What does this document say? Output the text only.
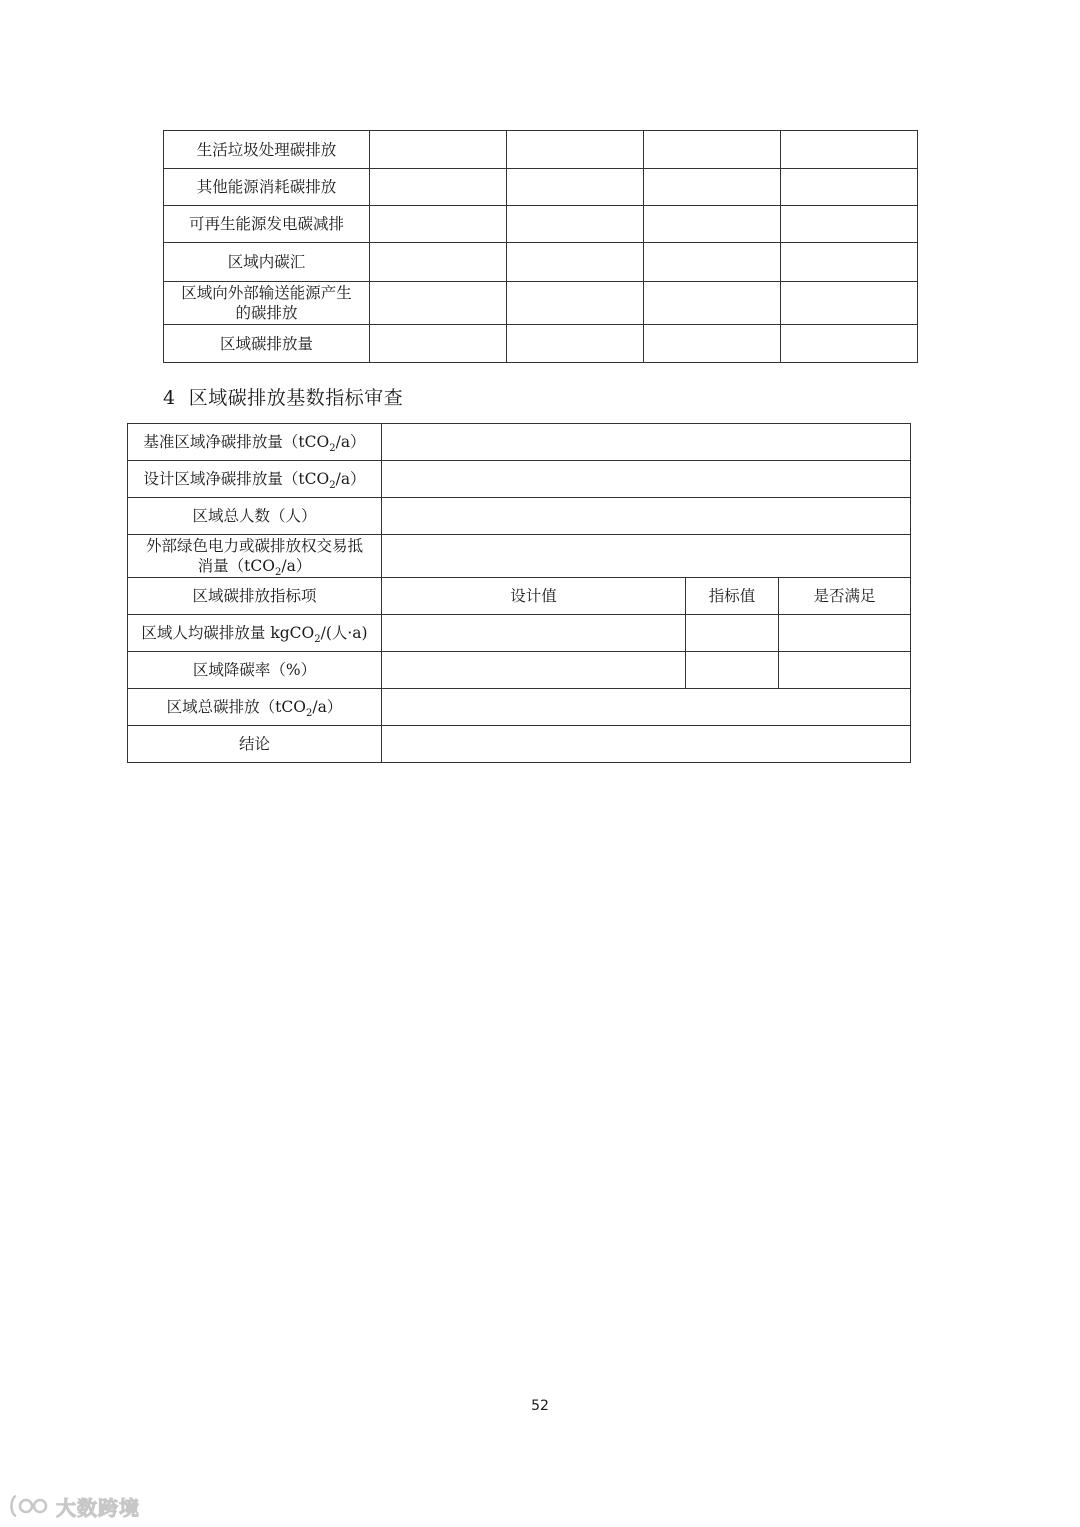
生活垃圾处理碳排放				
其他能源消耗碳排放				
可再生能源发电碳减排				
区域内碳汇				
区域向外部输送能源产生的碳排放				
区域碳排放量				
4 区域碳排放基数指标审查
基准区域净碳排放量（tCO$_2$/a）			
设计区域净碳排放量（tCO$_2$/a）			
区域总人数（人）			
外部绿色电力或碳排放权交易抵消量（tCO$_2$/a）			
区域碳排放指标项	设计值	指标值	是否满足
区域人均碳排放量 kgCO$_2$/(人·a)			
区域降碳率（%）			
区域总碳排放（tCO$_2$/a）			
结论			
52
大数跨境
